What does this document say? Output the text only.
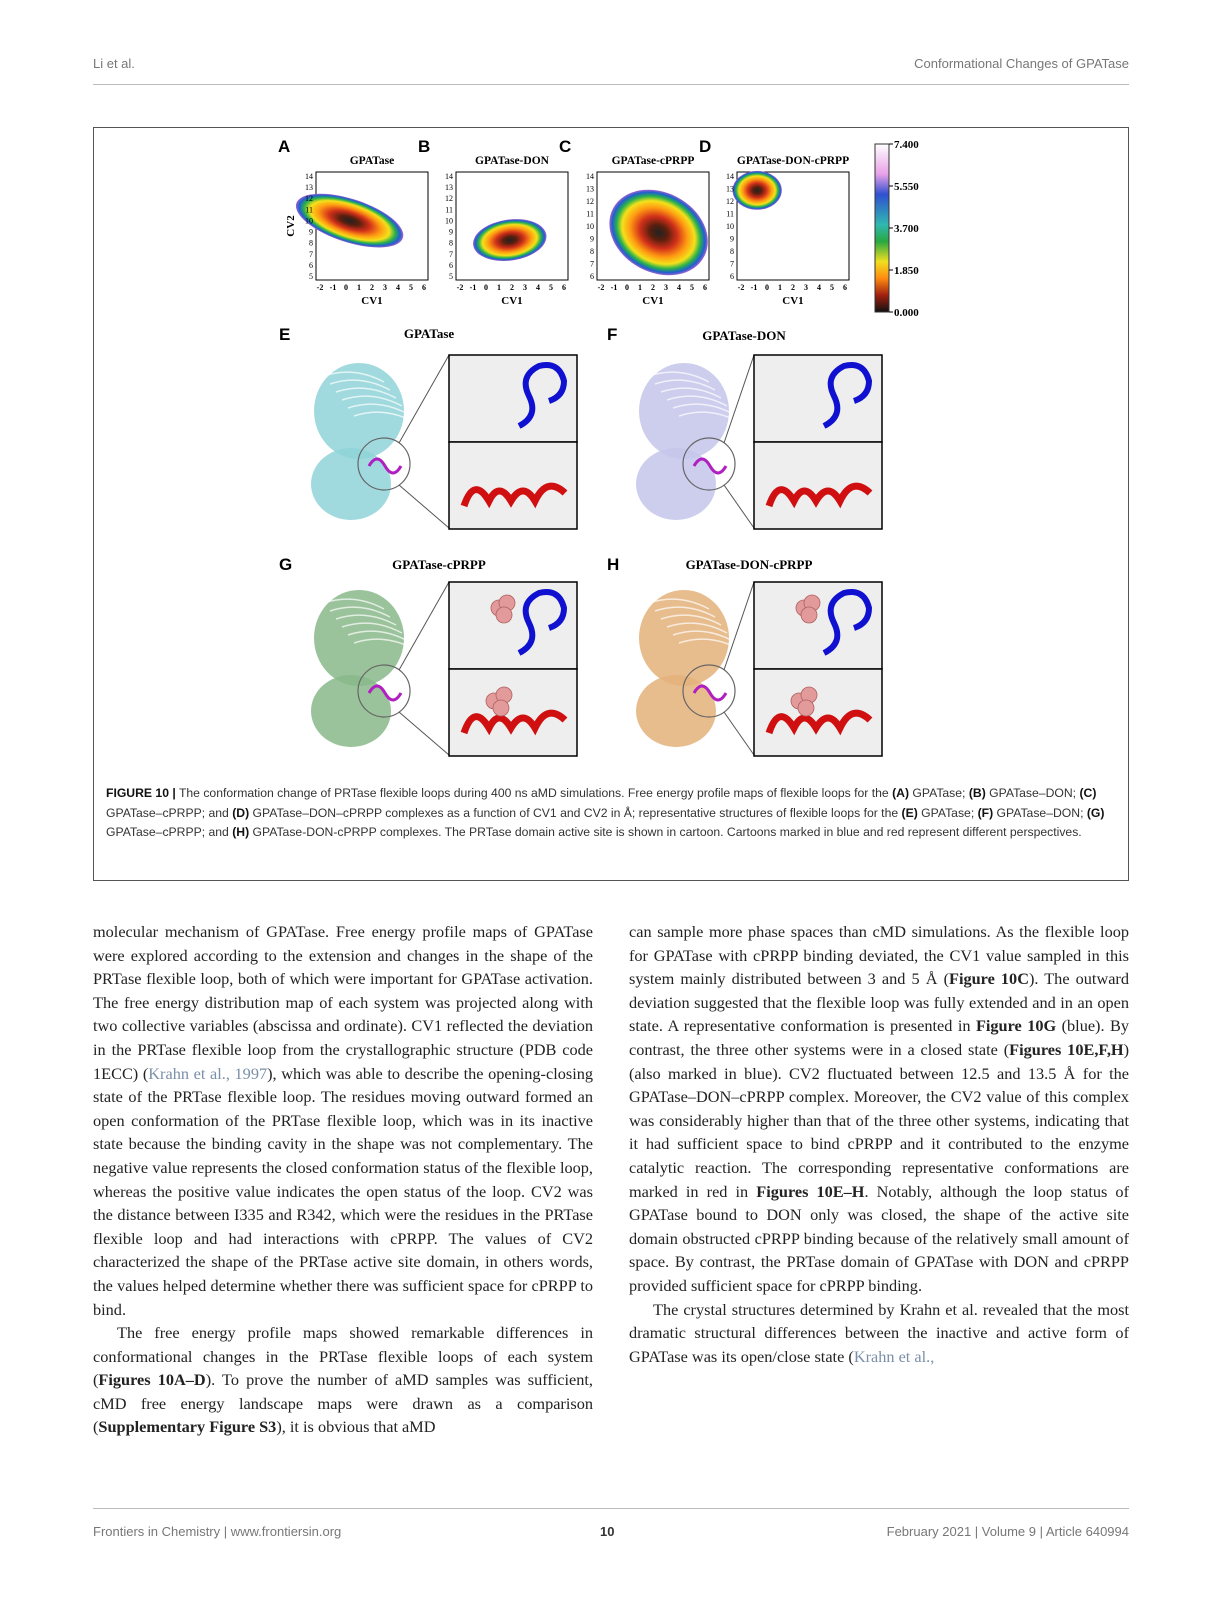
Li et al.	Conformational Changes of GPATase
A
GPATase
14
13
12
11
10
9
8
7
6
5
-2 -1 0 1 2 3 4 5 6
CV1
CV2
B
GPATase-DON
14
13
12
11
10
9
8
7
6
5
-2 -1 0 1 2 3 4 5 6
CV1
C
GPATase-cPRPP
14
13
12
11
10
9
8
7
6
-2 -1 0 1 2 3 4 5 6
CV1
D
GPATase-DON-cPRPP
14
13
12
11
10
9
8
7
6
-2 -1 0 1 2 3 4 5 6
CV1
E	GPATase	F	GPATase-DON
G	GPATase-cPRPP	H	GPATase-DON-cPRPP
7.400
5.550
3.700
1.850
0.000
FIGURE 10 | The conformation change of PRTase flexible loops during 400 ns aMD simulations. Free energy profile maps of flexible loops for the (A) GPATase; (B) GPATase–DON; (C) GPATase–cPRPP; and (D) GPATase–DON–cPRPP complexes as a function of CV1 and CV2 in Å; representative structures of flexible loops for the (E) GPATase; (F) GPATase–DON; (G) GPATase–cPRPP; and (H) GPATase-DON-cPRPP complexes. The PRTase domain active site is shown in cartoon. Cartoons marked in blue and red represent different perspectives.

molecular mechanism of GPATase. Free energy profile maps of GPATase were explored according to the extension and changes in the shape of the PRTase flexible loop, both of which were important for GPATase activation. The free energy distribution map of each system was projected along with two collective variables (abscissa and ordinate). CV1 reflected the deviation in the PRTase flexible loop from the crystallographic structure (PDB code 1ECC) (Krahn et al., 1997), which was able to describe the opening-closing state of the PRTase flexible loop. The residues moving outward formed an open conformation of the PRTase flexible loop, which was in its inactive state because the binding cavity in the shape was not complementary. The negative value represents the closed conformation status of the flexible loop, whereas the positive value indicates the open status of the loop. CV2 was the distance between I335 and R342, which were the residues in the PRTase flexible loop and had interactions with cPRPP. The values of CV2 characterized the shape of the PRTase active site domain, in others words, the values helped determine whether there was sufficient space for cPRPP to bind.

The free energy profile maps showed remarkable differences in conformational changes in the PRTase flexible loops of each system (Figures 10A–D). To prove the number of aMD samples was sufficient, cMD free energy landscape maps were drawn as a comparison (Supplementary Figure S3), it is obvious that aMD

can sample more phase spaces than cMD simulations. As the flexible loop for GPATase with cPRPP binding deviated, the CV1 value sampled in this system mainly distributed between 3 and 5 Å (Figure 10C). The outward deviation suggested that the flexible loop was fully extended and in an open state. A representative conformation is presented in Figure 10G (blue). By contrast, the three other systems were in a closed state (Figures 10E,F,H) (also marked in blue). CV2 fluctuated between 12.5 and 13.5 Å for the GPATase–DON–cPRPP complex. Moreover, the CV2 value of this complex was considerably higher than that of the three other systems, indicating that it had sufficient space to bind cPRPP and it contributed to the enzyme catalytic reaction. The corresponding representative conformations are marked in red in Figures 10E–H. Notably, although the loop status of GPATase bound to DON only was closed, the shape of the active site domain obstructed cPRPP binding because of the relatively small amount of space. By contrast, the PRTase domain of GPATase with DON and cPRPP provided sufficient space for cPRPP binding.

The crystal structures determined by Krahn et al. revealed that the most dramatic structural differences between the inactive and active form of GPATase was its open/close state (Krahn et al.,

Frontiers in Chemistry | www.frontiersin.org	10	February 2021 | Volume 9 | Article 640994
